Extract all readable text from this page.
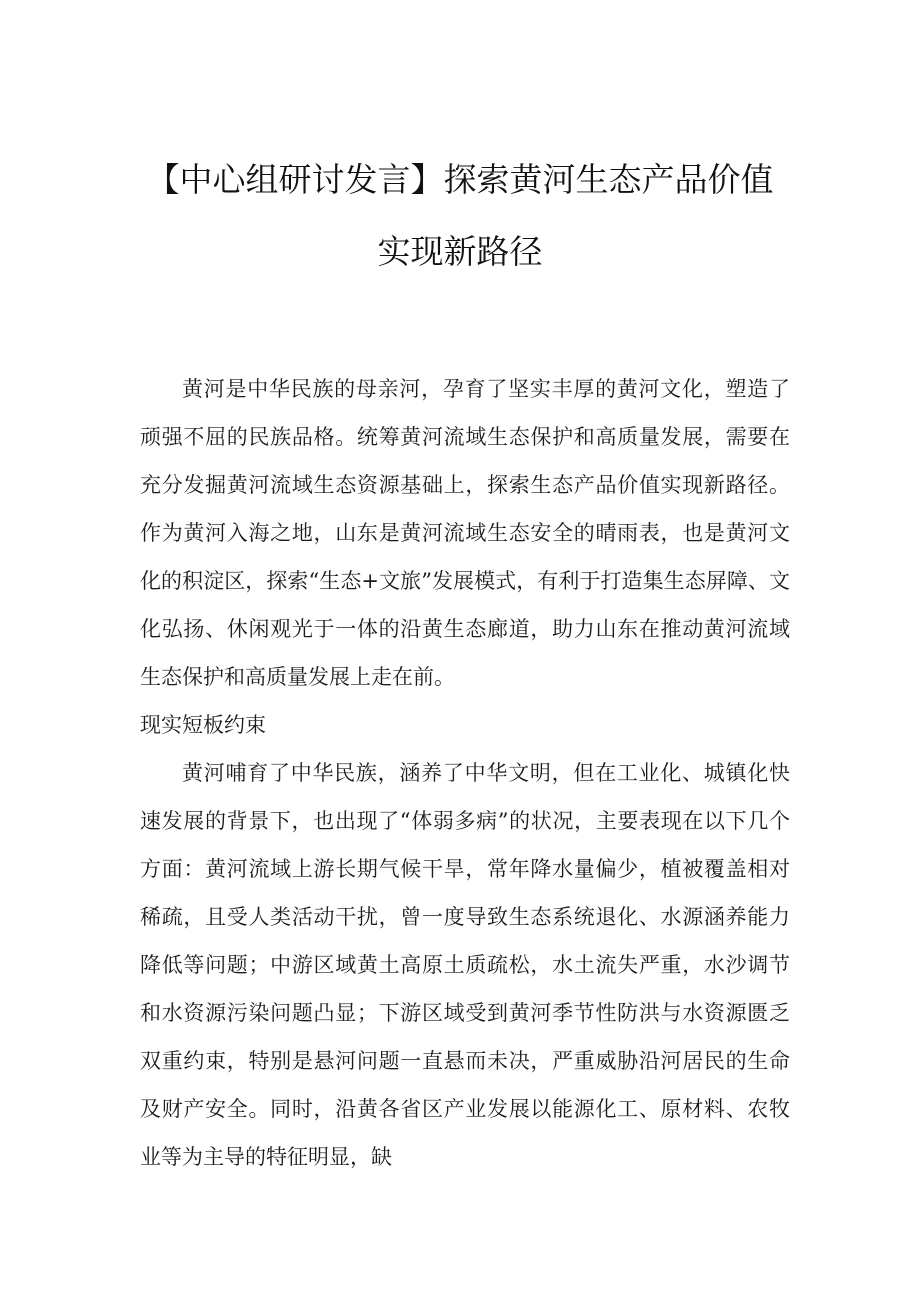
【中心组研讨发言】探索黄河生态产品价值
实现新路径

黄河是中华民族的母亲河，孕育了坚实丰厚的黄河文化，塑造了顽强不屈的民族品格。统筹黄河流域生态保护和高质量发展，需要在充分发掘黄河流域生态资源基础上，探索生态产品价值实现新路径。作为黄河入海之地，山东是黄河流域生态安全的晴雨表，也是黄河文化的积淀区，探索“生态+文旅”发展模式，有利于打造集生态屏障、文化弘扬、休闲观光于一体的沿黄生态廊道，助力山东在推动黄河流域生态保护和高质量发展上走在前。

现实短板约束

黄河哺育了中华民族，涵养了中华文明，但在工业化、城镇化快速发展的背景下，也出现了“体弱多病”的状况，主要表现在以下几个方面：黄河流域上游长期气候干旱，常年降水量偏少，植被覆盖相对稀疏，且受人类活动干扰，曾一度导致生态系统退化、水源涵养能力降低等问题；中游区域黄土高原土质疏松，水土流失严重，水沙调节和水资源污染问题凸显；下游区域受到黄河季节性防洪与水资源匮乏双重约束，特别是悬河问题一直悬而未决，严重威胁沿河居民的生命及财产安全。同时，沿黄各省区产业发展以能源化工、原材料、农牧业等为主导的特征明显，缺
